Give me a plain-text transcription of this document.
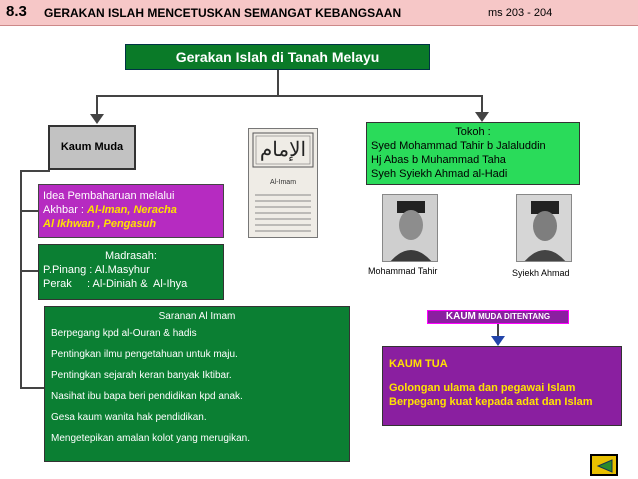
8.3 GERAKAN ISLAH MENCETUSKAN SEMANGAT KEBANGSAAN	ms 203 - 204
Gerakan Islah di Tanah Melayu
Kaum Muda	الإمام
Al-Imam
Tokoh :
Syed Mohammad Tahir b Jalaluddin
Hj Abas b Muhammad Taha
Syeh Syiekh Ahmad al-Hadi
Mohammad Tahir	Syiekh Ahmad
Idea Pembaharuan melalui
Akhbar : Al-Iman, Neracha
Al Ikhwan , Pengasuh
Madrasah:
P.Pinang : Al.Masyhur
Perak     : Al-Diniah &  Al-Ihya
Saranan Al Imam
Berpegang kpd al-Ouran & hadis
Pentingkan ilmu pengetahuan untuk maju.
Pentingkan sejarah keran banyak Iktibar.
Nasihat ibu bapa beri pendidikan kpd anak.
Gesa kaum wanita hak pendidikan.
Mengetepikan amalan kolot yang merugikan.
KAUM MUDA DITENTANG
KAUM TUA
Golongan ulama dan pegawai Islam
Berpegang kuat kepada adat dan Islam
